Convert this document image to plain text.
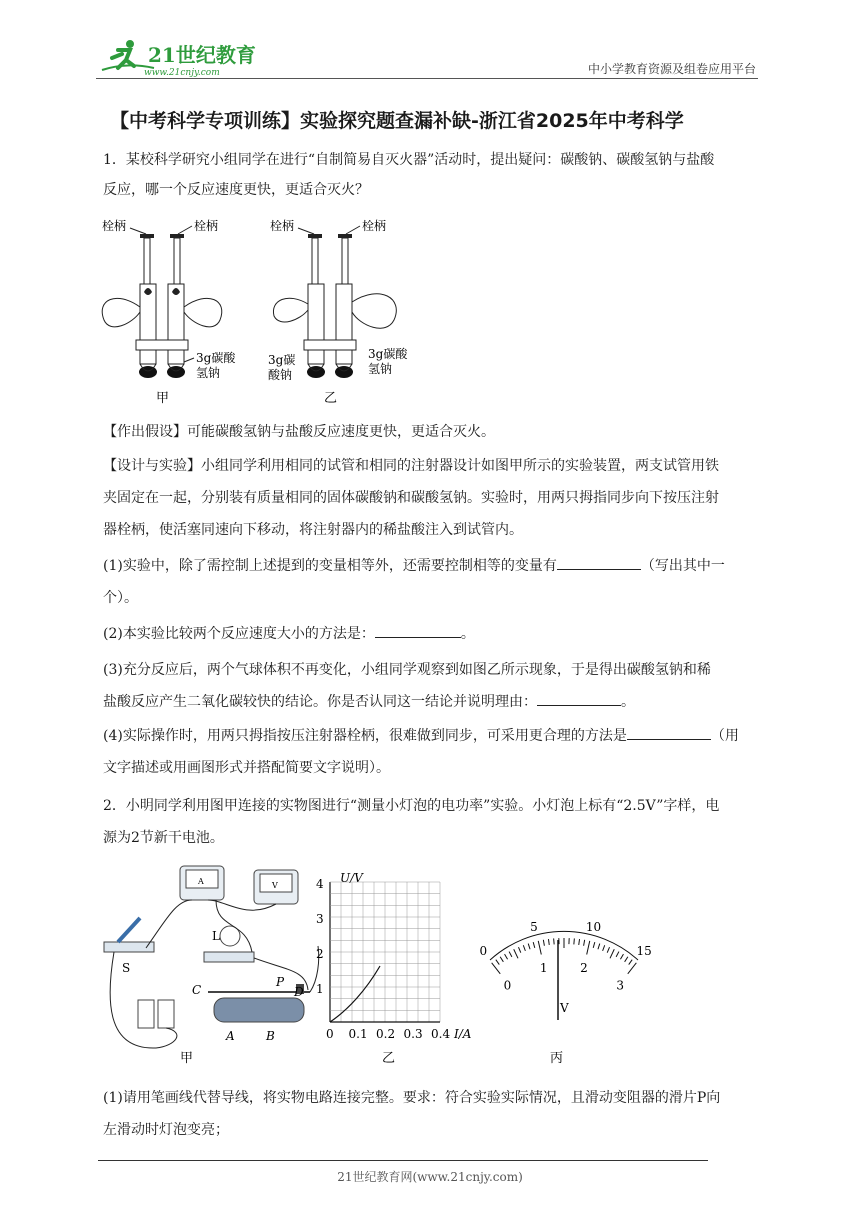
21世纪教育
www.21cnjy.com	中小学教育资源及组卷应用平台
【中考科学专项训练】实验探究题查漏补缺-浙江省2025年中考科学
1．某校科学研究小组同学在进行“自制简易自灭火器”活动时，提出疑问：碳酸钠、碳酸氢钠与盐酸
反应，哪一个反应速度更快，更适合灭火？
栓柄	栓柄
3g碳酸
氢钠
甲
栓柄	栓柄
3g碳
酸钠
3g碳酸
氢钠
乙
【作出假设】可能碳酸氢钠与盐酸反应速度更快，更适合灭火。
【设计与实验】小组同学利用相同的试管和相同的注射器设计如图甲所示的实验装置，两支试管用铁
夹固定在一起，分别装有质量相同的固体碳酸钠和碳酸氢钠。实验时，用两只拇指同步向下按压注射
器栓柄，使活塞同速向下移动，将注射器内的稀盐酸注入到试管内。
(1)实验中，除了需控制上述提到的变量相等外，还需要控制相等的变量有	（写出其中一
个）。
(2)本实验比较两个反应速度大小的方法是：	。
(3)充分反应后，两个气球体积不再变化，小组同学观察到如图乙所示现象，于是得出碳酸氢钠和稀
盐酸反应产生二氧化碳较快的结论。你是否认同这一结论并说明理由：	。
(4)实际操作时，用两只拇指按压注射器栓柄，很难做到同步，可采用更合理的方法是	（用
文字描述或用画图形式并搭配简要文字说明）。
2．小明同学利用图甲连接的实物图进行“测量小灯泡的电功率”实验。小灯泡上标有“2.5V”字样，电
源为2节新干电池。
A	V
S
L
C
P
D
A	B
甲
U/V
I/A
1
2
3
4
0 0.1 0.2 0.3 0.4
乙
0
5	10
15
0
1	2
3
V
丙
(1)请用笔画线代替导线，将实物电路连接完整。要求：符合实验实际情况，且滑动变阻器的滑片P向
左滑动时灯泡变亮；
21世纪教育网(www.21cnjy.com)
